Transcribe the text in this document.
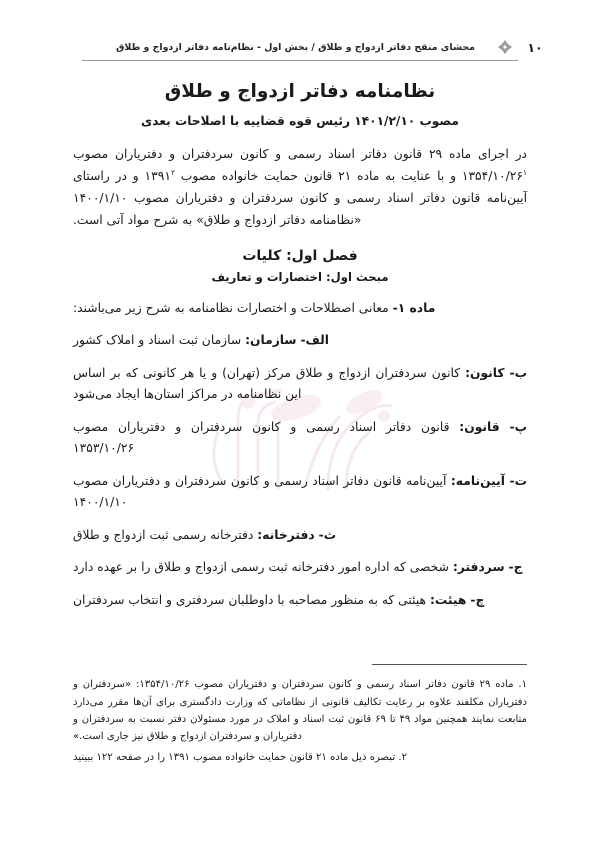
۱۰
محشای منقح دفاتر ازدواج و طلاق / بخش اول - نظام‌نامه دفاتر ازدواج و طلاق
نظامنامه دفاتر ازدواج و طلاق
مصوب ۱۴۰۱/۲/۱۰ رئیس قوه قضاییه با اصلاحات بعدی

در اجرای ماده ۲۹ قانون دفاتر اسناد رسمی و کانون سردفتران و دفتریاران مصوب $۱۳۵۴/۱۰/۲۶^۱$ و با عنایت به ماده ۲۱ قانون حمایت خانواده مصوب ۱۳۹۱$^۲$ و در راستای آیین‌نامه قانون دفاتر اسناد رسمی و کانون سردفتران و دفتریاران مصوب ۱۴۰۰/۱/۱۰ «نظامنامه دفاتر ازدواج و طلاق» به شرح مواد آتی است.

فصل اول: کلیات
مبحث اول: اختصارات و تعاریف

ماده ۱- معانی اصطلاحات و اختصارات نظامنامه به شرح زیر می‌باشند:

الف- سازمان: سازمان ثبت اسناد و املاک کشور

ب- کانون: کانون سردفتران ازدواج و طلاق مرکز (تهران) و یا هر کانونی که بر اساس این نظامنامه در مراکز استان‌ها ایجاد می‌شود

پ- قانون: قانون دفاتر اسناد رسمی و کانون سردفتران و دفتریاران مصوب ۱۳۵۳/۱۰/۲۶

ت- آیین‌نامه: آیین‌نامه قانون دفاتر اسناد رسمی و کانون سردفتران و دفتریاران مصوب ۱۴۰۰/۱/۱۰

ث- دفترخانه: دفترخانه رسمی ثبت ازدواج و طلاق

ج- سردفتر: شخصی که اداره امور دفترخانه ثبت رسمی ازدواج و طلاق را بر عهده دارد

چ- هیئت: هیئتی که به منظور مصاحبه با داوطلبان سردفتری و انتخاب سردفتران

۱. ماده ۲۹ قانون دفاتر اسناد رسمی و کانون سردفتران و دفتریاران مصوب ۱۳۵۴/۱۰/۲۶: «سردفتران و دفتریاران مکلفند علاوه بر رعایت تکالیف قانونی از نظاماتی که وزارت دادگستری برای آن‌ها مقرر می‌دارد متابعت نمایند همچنین مواد ۴۹ تا ۶۹ قانون ثبت اسناد و املاک در مورد مسئولان دفتر نسبت به سردفتران و دفتریاران و سردفتران ازدواج و طلاق نیز جاری است.»

۲. تبصره ذیل ماده ۲۱ قانون حمایت خانواده مصوب ۱۳۹۱ را در صفحه ۱۲۲ ببینید
